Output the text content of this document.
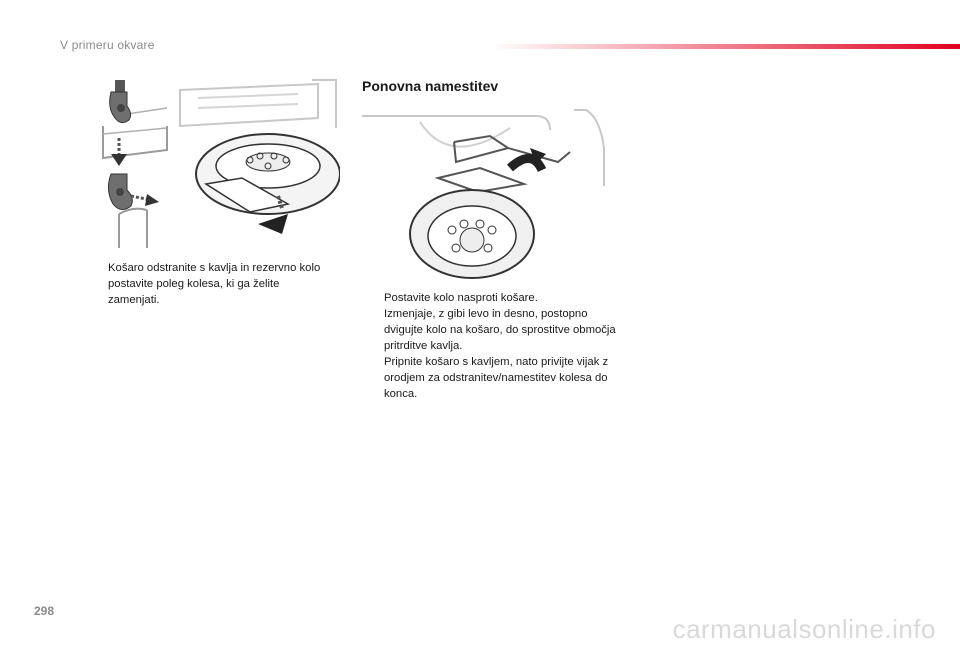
V primeru okvare
Košaro odstranite s kavlja in rezervno kolo postavite poleg kolesa, ki ga želite zamenjati.
Ponovna namestitev
Postavite kolo nasproti košare.
Izmenjaje, z gibi levo in desno, postopno dvigujte kolo na košaro, do sprostitve območja pritrditve kavlja.
Pripnite košaro s kavljem, nato privijte vijak z orodjem za odstranitev/namestitev kolesa do konca.
298
carmanualsonline.info
